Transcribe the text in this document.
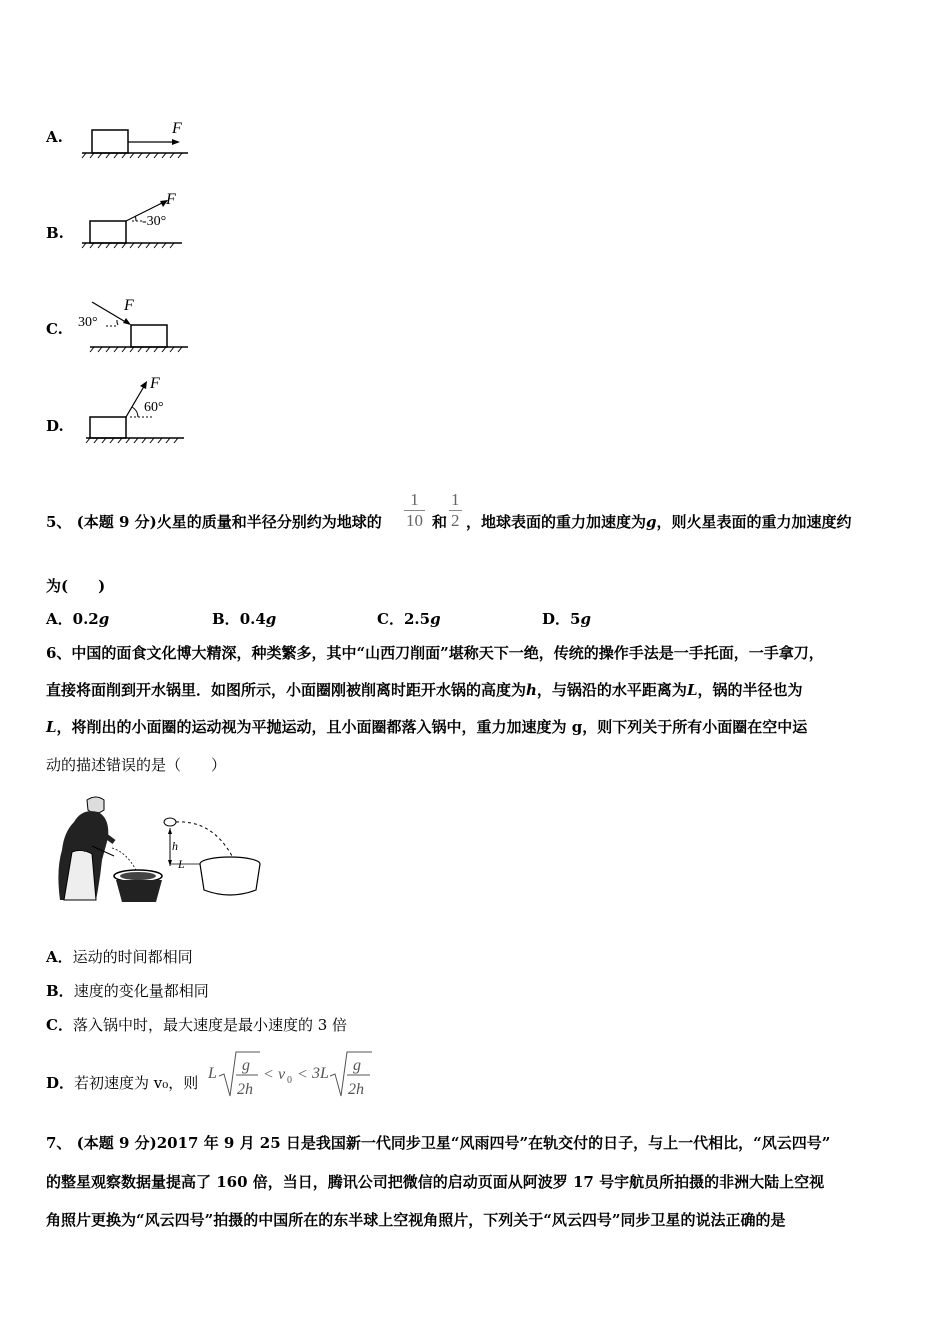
A.	F
B.
F
-30°
C.
F
30°
D.
F
60°
5、 (本题 9 分)火星的质量和半径分别约为地球的 $\frac{1}{10}$ 和 $\frac{1}{2}$ ，地球表面的重力加速度为g，则火星表面的重力加速度约
为(　　)
A．0.2g	B．0.4g	C．2.5g	D．5g
6、中国的面食文化博大精深，种类繁多，其中“山西刀削面”堪称天下一绝，传统的操作手法是一手托面，一手拿刀，
直接将面削到开水锅里．如图所示，小面圈刚被削离时距开水锅的高度为h，与锅沿的水平距离为L，锅的半径也为
L，将削出的小面圈的运动视为平抛运动，且小面圈都落入锅中，重力加速度为 g，则下列关于所有小面圈在空中运
动的描述错误的是（　　）
h
L
A．运动的时间都相同
B．速度的变化量都相同
C．落入锅中时，最大速度是最小速度的 3 倍
D．若初速度为 v₀，则
L g
2h
< v 0 < 3L g
2h
7、 (本题 9 分)2017 年 9 月 25 日是我国新一代同步卫星“风雨四号”在轨交付的日子，与上一代相比，“风云四号”
的整星观察数据量提高了 160 倍，当日，腾讯公司把微信的启动页面从阿波罗 17 号宇航员所拍摄的非洲大陆上空视
角照片更换为“风云四号”拍摄的中国所在的东半球上空视角照片，下列关于“风云四号”同步卫星的说法正确的是
